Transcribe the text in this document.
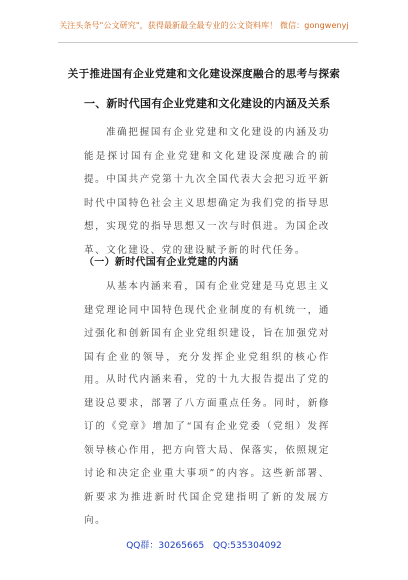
关注头条号"公文研究"，获得最新最全最专业的公文资料库！ 微信：gongwenyj
关于推进国有企业党建和文化建设深度融合的思考与探索
一、新时代国有企业党建和文化建设的内涵及关系

准确把握国有企业党建和文化建设的内涵及功能是探讨国有企业党建和文化建设深度融合的前提。中国共产党第十九次全国代表大会把习近平新时代中国特色社会主义思想确定为我们党的指导思想，实现党的指导思想又一次与时俱进。为国企改革、文化建设、党的建设赋予新的时代任务。

（一）新时代国有企业党建的内涵

从基本内涵来看，国有企业党建是马克思主义建党理论同中国特色现代企业制度的有机统一，通过强化和创新国有企业党组织建设，旨在加强党对国有企业的领导，充分发挥企业党组织的核心作用。 从时代内涵来看，党的十九大报告提出了党的建设总要求，部署了八方面重点任务。同时，新修订的《党章》增加了“国有企业党委（党组）发挥领导核心作用，把方向管大局、保落实，依照规定讨论和决定企业重大事项”的内容。这些新部署、新要求为推进新时代国企党建指明了新的发展方向。

QQ群：30265665 QQ:535304092
